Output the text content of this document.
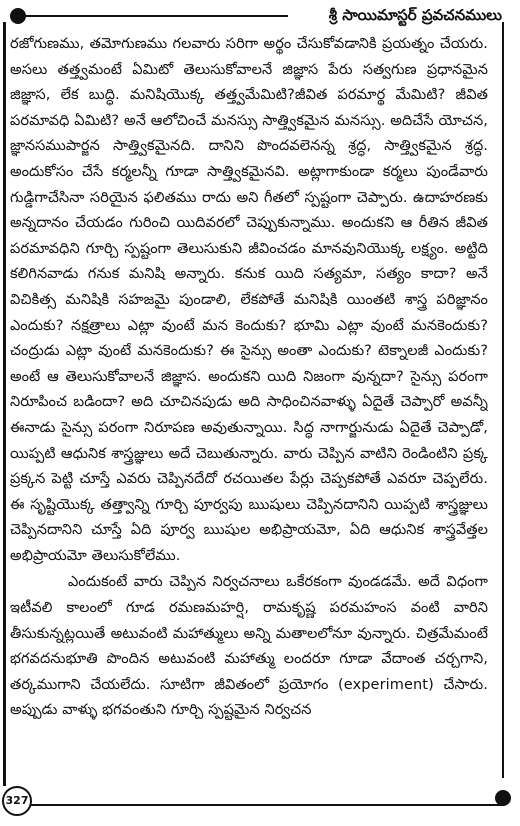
శ్రీ సాయిమాస్టర్ ప్రవచనములు

రజోగుణము, తమోగుణము గలవారు సరిగా అర్థం చేసుకోవడానికి ప్రయత్నం చేయరు. అసలు తత్త్వమంటే ఏమిటో తెలుసుకోవాలనే జిజ్ఞాస పేరు సత్వగుణ ప్రధానమైన జిజ్ఞాస, లేక బుద్ధి. మనిషియొక్క తత్త్వమేమిటి?జీవిత పరమార్థ మేమిటి? జీవిత పరమావధి ఏమిటి? అనే ఆలోచించే మనస్సు సాత్త్వికమైన మనస్సు. అదిచేసే యోచన, జ్ఞానసముపార్జన సాత్త్వికమైనది. దానిని పొందవలెనన్న శ్రద్ధ, సాత్త్వికమైన శ్రద్ధ. అందుకోసం చేసే కర్మలన్నీ గూడా సాత్త్వికమైనవి. అట్లాగాకుండా కర్మలు పుండేవారు గుడ్డిగాచేసినా సరియైన ఫలితము రాదు అని గీతలో స్పష్టంగా చెప్పారు. ఉదాహరణకు అన్నదానం చేయడం గురించి యిదివరలో చెప్పుకున్నాము. అందుకని ఆ రీతిన జీవిత పరమావధిని గూర్చి స్పష్టంగా తెలుసుకుని జీవించడం మానవునియొక్క లక్ష్యం. అట్టిది కలిగినవాడు గనుక మనిషి అన్నారు. కనుక యిది సత్యమా, సత్యం కాదా? అనే విచికిత్స మనిషికి సహజమై పుండాలి, లేకపోతే మనిషికి యింతటి శాస్త్ర పరిజ్ఞానం ఎందుకు? నక్షత్రాలు ఎట్లా వుంటే మన కెందుకు? భూమి ఎట్లా వుంటే మనకెందుకు? చంద్రుడు ఎట్లా వుంటే మనకెందుకు? ఈ సైన్సు అంతా ఎందుకు? టెక్నాలజీ ఎందుకు? అంటే ఆ తెలుసుకోవాలనే జిజ్ఞాస. అందుకని యిది నిజంగా వున్నదా? సైన్సు పరంగా నిరూపించ బడిందా? అది చూచినపుడు అది సాధించినవాళ్ళు ఏదైతే చెప్పారో అవన్నీ ఈనాడు సైన్సు పరంగా నిరూపణ అవుతున్నాయి. సిద్ధ నాగార్జునుడు ఏదైతే చెప్పాడో, యిప్పటి ఆధునిక శాస్త్రజ్ఞులు అదే చెబుతున్నారు. వారు చెప్పిన వాటిని రెండింటిని ప్రక్క ప్రక్కన పెట్టి చూస్తే ఎవరు చెప్పినదేదో రచయితల పేర్లు చెప్పకపోతే ఎవరూ చెప్పలేరు. ఈ సృష్టియొక్క తత్త్వాన్ని గూర్చి పూర్వపు ఋషులు చెప్పినదానిని యిప్పటి శాస్త్రజ్ఞులు చెప్పినదానిని చూస్తే ఏది పూర్వ ఋషుల అభిప్రాయమో, ఏది ఆధునిక శాస్త్రవేత్తల అభిప్రాయమో తెలుసుకోలేము.

ఎందుకంటే వారు చెప్పిన నిర్వచనాలు ఒకేరకంగా వుండడమే. అదే విధంగా ఇటీవలి కాలంలో గూడ రమణమహర్షి, రామకృష్ణ పరమహంస వంటి వారిని తీసుకున్నట్లయితే అటువంటి మహాత్ములు అన్ని మతాలలోనూ వున్నారు. చిత్రమేమంటే భగవదనుభూతి పొందిన అటువంటి మహాత్ము లందరూ గూడా వేదాంత చర్చగాని, తర్కముగాని చేయలేదు. సూటిగా జీవితంలో ప్రయోగం (experiment) చేసారు. అప్పుడు వాళ్ళు భగవంతుని గూర్చి స్పష్టమైన నిర్వచన

327
